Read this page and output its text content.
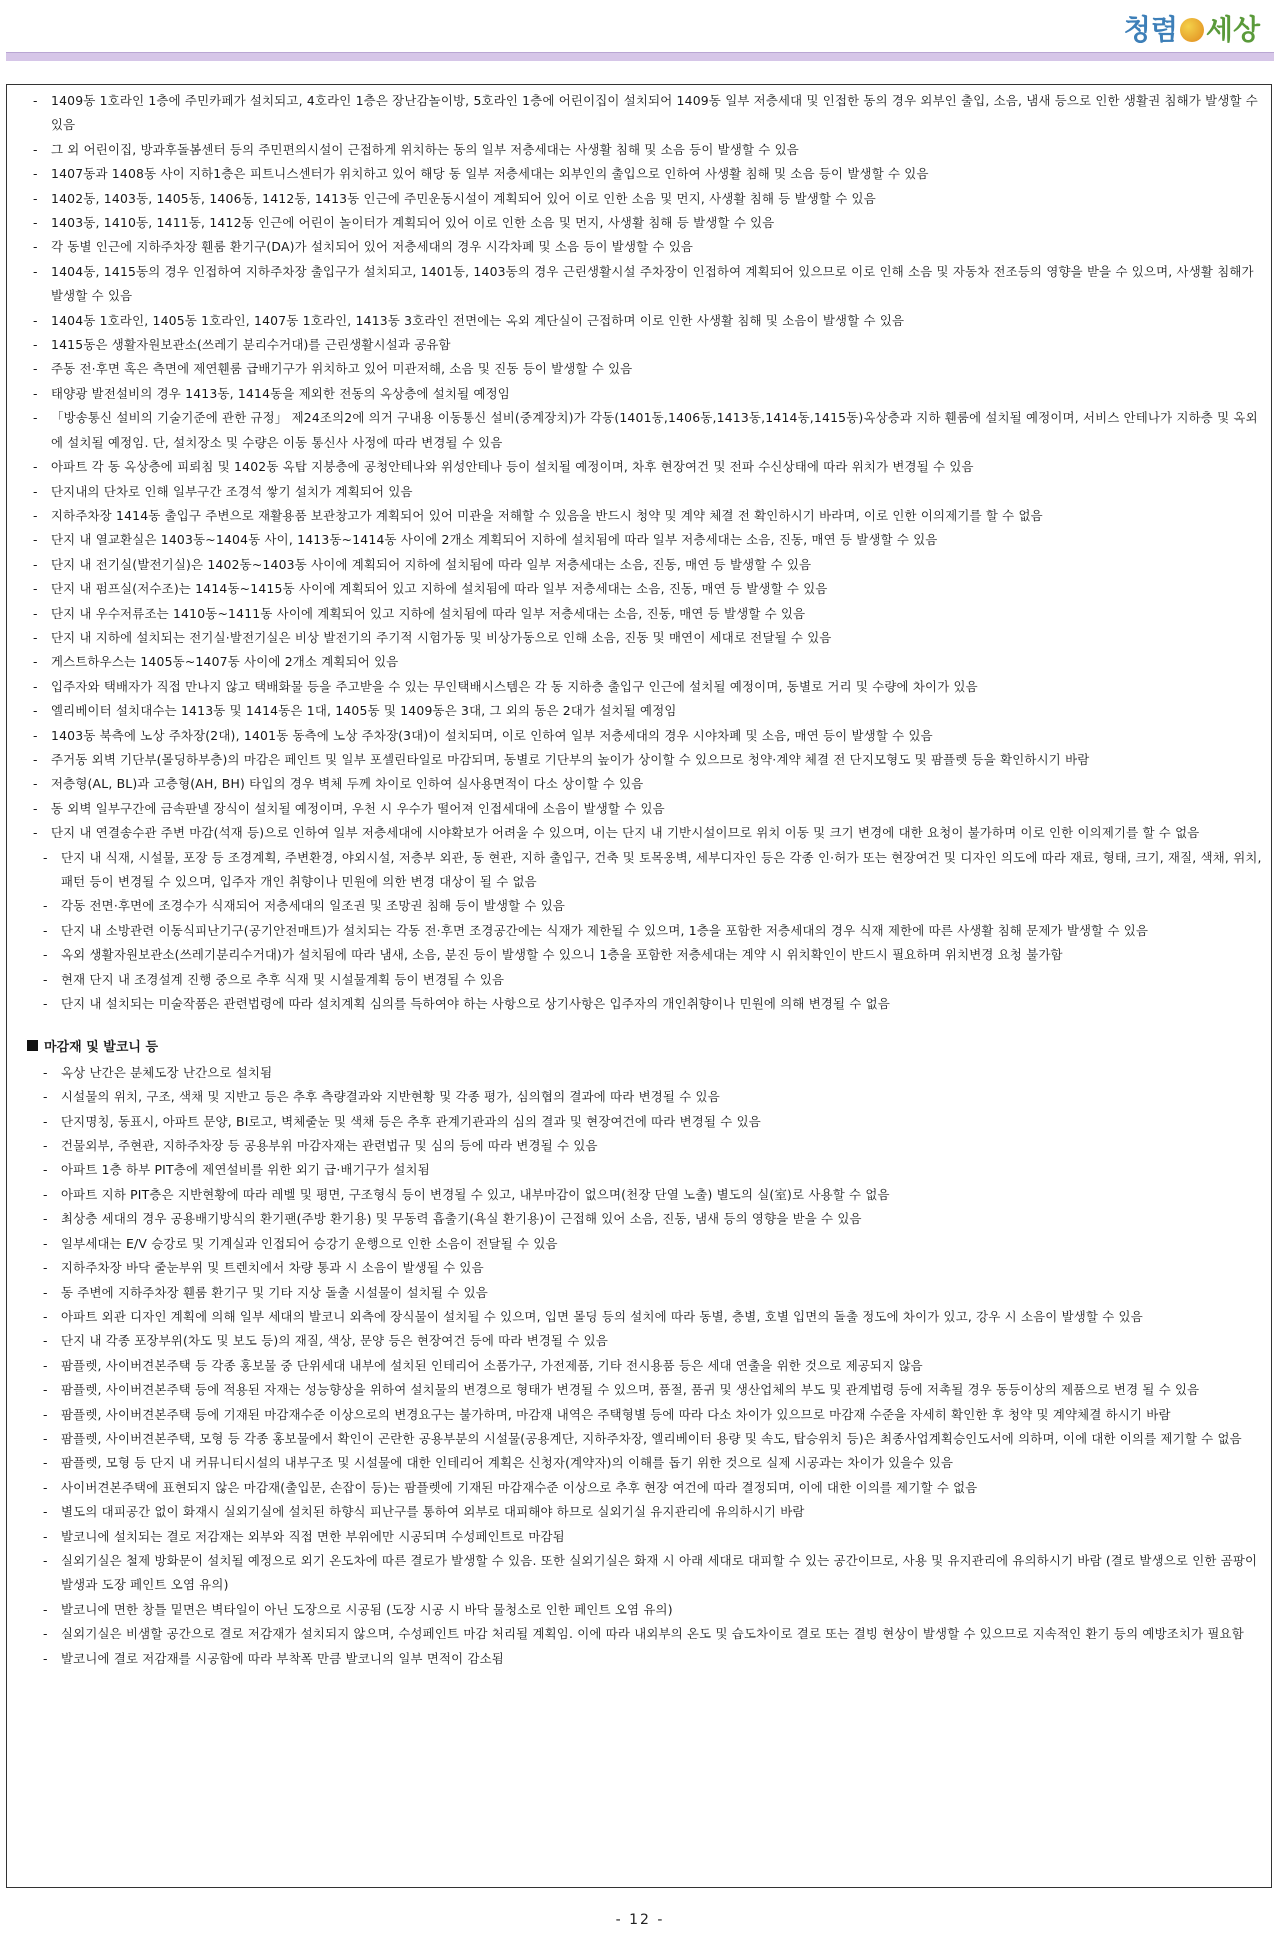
청렴 세상

- 1409동 1호라인 1층에 주민카페가 설치되고, 4호라인 1층은 장난감놀이방, 5호라인 1층에 어린이집이 설치되어 1409동 일부 저층세대 및 인접한 동의 경우 외부인 출입, 소음, 냄새 등으로 인한 생활권 침해가 발생할 수 있음

- 그 외 어린이집, 방과후돌봄센터 등의 주민편의시설이 근접하게 위치하는 동의 일부 저층세대는 사생활 침해 및 소음 등이 발생할 수 있음

- 1407동과 1408동 사이 지하1층은 피트니스센터가 위치하고 있어 해당 동 일부 저층세대는 외부인의 출입으로 인하여 사생활 침해 및 소음 등이 발생할 수 있음

- 1402동, 1403동, 1405동, 1406동, 1412동, 1413동 인근에 주민운동시설이 계획되어 있어 이로 인한 소음 및 먼지, 사생활 침해 등 발생할 수 있음

- 1403동, 1410동, 1411동, 1412동 인근에 어린이 놀이터가 계획되어 있어 이로 인한 소음 및 먼지, 사생활 침해 등 발생할 수 있음

- 각 동별 인근에 지하주차장 휀룸 환기구(DA)가 설치되어 있어 저층세대의 경우 시각차폐 및 소음 등이 발생할 수 있음

- 1404동, 1415동의 경우 인접하여 지하주차장 출입구가 설치되고, 1401동, 1403동의 경우 근린생활시설 주차장이 인접하여 계획되어 있으므로 이로 인해 소음 및 자동차 전조등의 영향을 받을 수 있으며, 사생활 침해가 발생할 수 있음

- 1404동 1호라인, 1405동 1호라인, 1407동 1호라인, 1413동 3호라인 전면에는 옥외 계단실이 근접하며 이로 인한 사생활 침해 및 소음이 발생할 수 있음

- 1415동은 생활자원보관소(쓰레기 분리수거대)를 근린생활시설과 공유함

- 주동 전·후면 혹은 측면에 제연휀룸 급배기구가 위치하고 있어 미관저해, 소음 및 진동 등이 발생할 수 있음

- 태양광 발전설비의 경우 1413동, 1414동을 제외한 전동의 옥상층에 설치될 예정임

- 「방송통신 설비의 기술기준에 관한 규정」 제24조의2에 의거 구내용 이동통신 설비(중계장치)가 각동(1401동,1406동,1413동,1414동,1415동)옥상층과 지하 휀룸에 설치될 예정이며, 서비스 안테나가 지하층 및 옥외에 설치될 예정임. 단, 설치장소 및 수량은 이동 통신사 사정에 따라 변경될 수 있음

- 아파트 각 동 옥상층에 피뢰침 및 1402동 옥탑 지붕층에 공청안테나와 위성안테나 등이 설치될 예정이며, 차후 현장여건 및 전파 수신상태에 따라 위치가 변경될 수 있음

- 단지내의 단차로 인해 일부구간 조경석 쌓기 설치가 계획되어 있음

- 지하주차장 1414동 출입구 주변으로 재활용품 보관창고가 계획되어 있어 미관을 저해할 수 있음을 반드시 청약 및 계약 체결 전 확인하시기 바라며, 이로 인한 이의제기를 할 수 없음

- 단지 내 열교환실은 1403동~1404동 사이, 1413동~1414동 사이에 2개소 계획되어 지하에 설치됨에 따라 일부 저층세대는 소음, 진동, 매연 등 발생할 수 있음

- 단지 내 전기실(발전기실)은 1402동~1403동 사이에 계획되어 지하에 설치됨에 따라 일부 저층세대는 소음, 진동, 매연 등 발생할 수 있음

- 단지 내 펌프실(저수조)는 1414동~1415동 사이에 계획되어 있고 지하에 설치됨에 따라 일부 저층세대는 소음, 진동, 매연 등 발생할 수 있음

- 단지 내 우수저류조는 1410동~1411동 사이에 계획되어 있고 지하에 설치됨에 따라 일부 저층세대는 소음, 진동, 매연 등 발생할 수 있음

- 단지 내 지하에 설치되는 전기실·발전기실은 비상 발전기의 주기적 시험가동 및 비상가동으로 인해 소음, 진동 및 매연이 세대로 전달될 수 있음

- 게스트하우스는 1405동~1407동 사이에 2개소 계획되어 있음

- 입주자와 택배자가 직접 만나지 않고 택배화물 등을 주고받을 수 있는 무인택배시스템은 각 동 지하층 출입구 인근에 설치될 예정이며, 동별로 거리 및 수량에 차이가 있음

- 엘리베이터 설치대수는 1413동 및 1414동은 1대, 1405동 및 1409동은 3대, 그 외의 동은 2대가 설치될 예정임

- 1403동 북측에 노상 주차장(2대), 1401동 동측에 노상 주차장(3대)이 설치되며, 이로 인하여 일부 저층세대의 경우 시야차폐 및 소음, 매연 등이 발생할 수 있음

- 주거동 외벽 기단부(몰딩하부층)의 마감은 페인트 및 일부 포셀린타일로 마감되며, 동별로 기단부의 높이가 상이할 수 있으므로 청약·계약 체결 전 단지모형도 및 팜플렛 등을 확인하시기 바람

- 저층형(AL, BL)과 고층형(AH, BH) 타입의 경우 벽체 두께 차이로 인하여 실사용면적이 다소 상이할 수 있음

- 동 외벽 일부구간에 금속판넬 장식이 설치될 예정이며, 우천 시 우수가 떨어져 인접세대에 소음이 발생할 수 있음

- 단지 내 연결송수관 주변 마감(석재 등)으로 인하여 일부 저층세대에 시야확보가 어려울 수 있으며, 이는 단지 내 기반시설이므로 위치 이동 및 크기 변경에 대한 요청이 불가하며 이로 인한 이의제기를 할 수 없음

- 단지 내 식재, 시설물, 포장 등 조경계획, 주변환경, 야외시설, 저층부 외관, 동 현관, 지하 출입구, 건축 및 토목옹벽, 세부디자인 등은 각종 인·허가 또는 현장여건 및 디자인 의도에 따라 재료, 형태, 크기, 재질, 색채, 위치, 패턴 등이 변경될 수 있으며, 입주자 개인 취향이나 민원에 의한 변경 대상이 될 수 없음

- 각동 전면·후면에 조경수가 식재되어 저층세대의 일조권 및 조망권 침해 등이 발생할 수 있음

- 단지 내 소방관련 이동식피난기구(공기안전매트)가 설치되는 각동 전·후면 조경공간에는 식재가 제한될 수 있으며, 1층을 포함한 저층세대의 경우 식재 제한에 따른 사생활 침해 문제가 발생할 수 있음

- 옥외 생활자원보관소(쓰레기분리수거대)가 설치됨에 따라 냄새, 소음, 분진 등이 발생할 수 있으니 1층을 포함한 저층세대는 계약 시 위치확인이 반드시 필요하며 위치변경 요청 불가함

- 현재 단지 내 조경설계 진행 중으로 추후 식재 및 시설물계획 등이 변경될 수 있음

- 단지 내 설치되는 미술작품은 관련법령에 따라 설치계획 심의를 득하여야 하는 사항으로 상기사항은 입주자의 개인취향이나 민원에 의해 변경될 수 없음

마감재 및 발코니 등

- 옥상 난간은 분체도장 난간으로 설치됨

- 시설물의 위치, 구조, 색채 및 지반고 등은 추후 측량결과와 지반현황 및 각종 평가, 심의협의 결과에 따라 변경될 수 있음

- 단지명칭, 동표시, 아파트 문양, BI로고, 벽체줄눈 및 색채 등은 추후 관계기관과의 심의 결과 및 현장여건에 따라 변경될 수 있음

- 건물외부, 주현관, 지하주차장 등 공용부위 마감자재는 관련법규 및 심의 등에 따라 변경될 수 있음

- 아파트 1층 하부 PIT층에 제연설비를 위한 외기 급·배기구가 설치됨

- 아파트 지하 PIT층은 지반현황에 따라 레벨 및 평면, 구조형식 등이 변경될 수 있고, 내부마감이 없으며(천장 단열 노출) 별도의 실(室)로 사용할 수 없음

- 최상층 세대의 경우 공용배기방식의 환기팬(주방 환기용) 및 무동력 흡출기(욕실 환기용)이 근접해 있어 소음, 진동, 냄새 등의 영향을 받을 수 있음

- 일부세대는 E/V 승강로 및 기계실과 인접되어 승강기 운행으로 인한 소음이 전달될 수 있음

- 지하주차장 바닥 줄눈부위 및 트렌치에서 차량 통과 시 소음이 발생될 수 있음

- 동 주변에 지하주차장 휀룸 환기구 및 기타 지상 돌출 시설물이 설치될 수 있음

- 아파트 외관 디자인 계획에 의해 일부 세대의 발코니 외측에 장식물이 설치될 수 있으며, 입면 몰딩 등의 설치에 따라 동별, 층별, 호별 입면의 돌출 정도에 차이가 있고, 강우 시 소음이 발생할 수 있음

- 단지 내 각종 포장부위(차도 및 보도 등)의 재질, 색상, 문양 등은 현장여건 등에 따라 변경될 수 있음

- 팜플렛, 사이버견본주택 등 각종 홍보물 중 단위세대 내부에 설치된 인테리어 소품가구, 가전제품, 기타 전시용품 등은 세대 연출을 위한 것으로 제공되지 않음

- 팜플렛, 사이버견본주택 등에 적용된 자재는 성능향상을 위하여 설치물의 변경으로 형태가 변경될 수 있으며, 품절, 품귀 및 생산업체의 부도 및 관계법령 등에 저촉될 경우 동등이상의 제품으로 변경 될 수 있음

- 팜플렛, 사이버견본주택 등에 기재된 마감재수준 이상으로의 변경요구는 불가하며, 마감재 내역은 주택형별 등에 따라 다소 차이가 있으므로 마감재 수준을 자세히 확인한 후 청약 및 계약체결 하시기 바람

- 팜플렛, 사이버견본주택, 모형 등 각종 홍보물에서 확인이 곤란한 공용부분의 시설물(공용계단, 지하주차장, 엘리베이터 용량 및 속도, 탑승위치 등)은 최종사업계획승인도서에 의하며, 이에 대한 이의를 제기할 수 없음

- 팜플렛, 모형 등 단지 내 커뮤니티시설의 내부구조 및 시설물에 대한 인테리어 계획은 신청자(계약자)의 이해를 돕기 위한 것으로 실제 시공과는 차이가 있을수 있음

- 사이버견본주택에 표현되지 않은 마감재(출입문, 손잡이 등)는 팜플렛에 기재된 마감재수준 이상으로 추후 현장 여건에 따라 결정되며, 이에 대한 이의를 제기할 수 없음

- 별도의 대피공간 없이 화재시 실외기실에 설치된 하향식 피난구를 통하여 외부로 대피해야 하므로 실외기실 유지관리에 유의하시기 바람

- 발코니에 설치되는 결로 저감재는 외부와 직접 면한 부위에만 시공되며 수성페인트로 마감됨

- 실외기실은 철제 방화문이 설치될 예정으로 외기 온도차에 따른 결로가 발생할 수 있음. 또한 실외기실은 화재 시 아래 세대로 대피할 수 있는 공간이므로, 사용 및 유지관리에 유의하시기 바람 (결로 발생으로 인한 곰팡이 발생과 도장 페인트 오염 유의)

- 발코니에 면한 창틀 밑면은 벽타일이 아닌 도장으로 시공됨 (도장 시공 시 바닥 물청소로 인한 페인트 오염 유의)

- 실외기실은 비샘할 공간으로 결로 저감재가 설치되지 않으며, 수성페인트 마감 처리될 계획임. 이에 따라 내외부의 온도 및 습도차이로 결로 또는 결빙 현상이 발생할 수 있으므로 지속적인 환기 등의 예방조치가 필요함

- 발코니에 결로 저감재를 시공함에 따라 부착폭 만큼 발코니의 일부 면적이 감소됨

- 12 -
